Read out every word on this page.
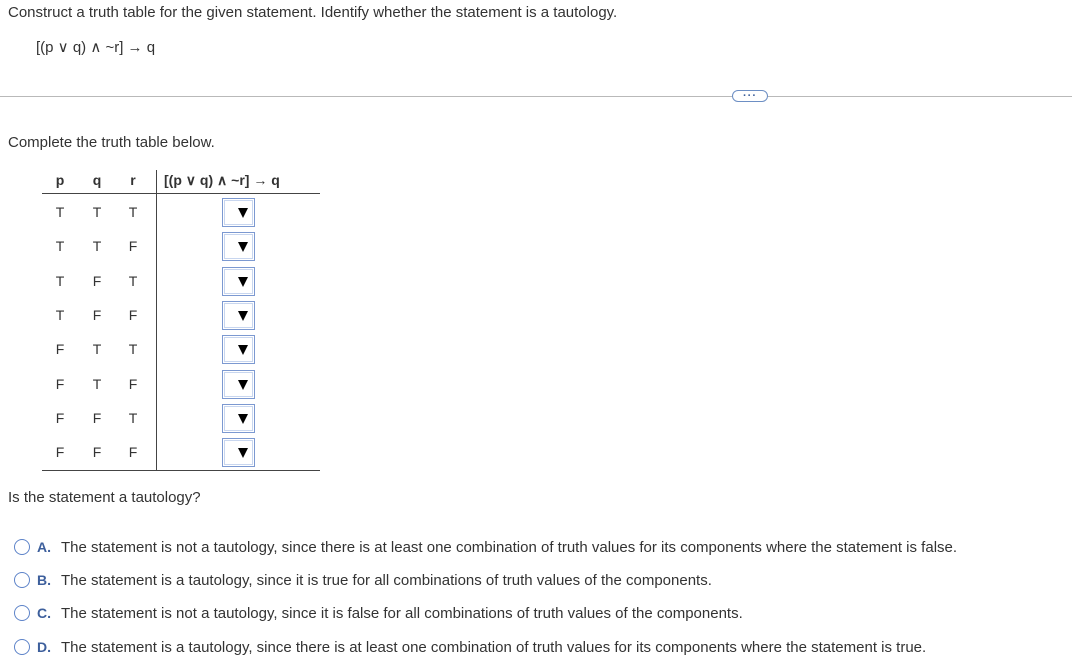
Construct a truth table for the given statement. Identify whether the statement is a tautology.
[(p ∨ q) ∧ ~r] → q
···
Complete the truth table below.
p	q	r	[(p ∨ q) ∧ ~r] → q
T	T	T
T	T	F
T	F	T
T	F	F
F	T	T
F	T	F
F	F	T
F	F	F
Is the statement a tautology?
A. The statement is not a tautology, since there is at least one combination of truth values for its components where the statement is false.
B. The statement is a tautology, since it is true for all combinations of truth values of the components.
C. The statement is not a tautology, since it is false for all combinations of truth values of the components.
D. The statement is a tautology, since there is at least one combination of truth values for its components where the statement is true.
